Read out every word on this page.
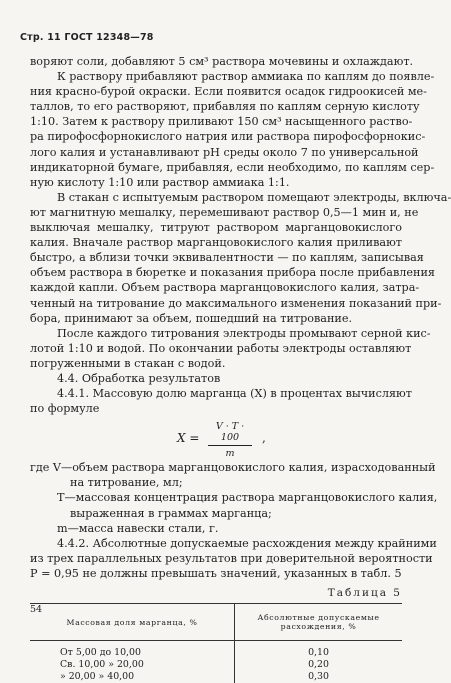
Стр. 11 ГОСТ 12348—78
воряют соли, добавляют 5 см³ раствора мочевины и охлаждают.
К раствору прибавляют раствор аммиака по каплям до появле-
ния красно-бурой окраски. Если появится осадок гидроокисей ме-
таллов, то его растворяют, прибавляя по каплям серную кислоту
1:10. Затем к раствору приливают 150 см³ насыщенного раство-
ра пирофосфорнокислого натрия или раствора пирофосфорнокис-
лого калия и устанавливают pH среды около 7 по универсальной
индикаторной бумаге, прибавляя, если необходимо, по каплям сер-
ную кислоту 1:10 или раствор аммиака 1:1.
В стакан с испытуемым раствором помещают электроды, включа-
ют магнитную мешалку, перемешивают раствор 0,5—1 мин и, не
выключая мешалку, титруют раствором марганцовокислого
калия. Вначале раствор марганцовокислого калия приливают
быстро, а вблизи точки эквивалентности — по каплям, записывая
объем раствора в бюретке и показания прибора после прибавления
каждой капли. Объем раствора марганцовокислого калия, затра-
ченный на титрование до максимального изменения показаний при-
бора, принимают за объем, пошедший на титрование.
После каждого титрования электроды промывают серной кис-
лотой 1:10 и водой. По окончании работы электроды оставляют
погруженными в стакан с водой.
4.4. Обработка результатов
4.4.1. Массовую долю марганца (X) в процентах вычисляют
по формуле
X =
V · T · 100
m
,
где V—объем раствора марганцовокислого калия, израсходованный
на титрование, мл;
T—массовая концентрация раствора марганцовокислого калия,
выраженная в граммах марганца;
m—масса навески стали, г.
4.4.2. Абсолютные допускаемые расхождения между крайними
из трех параллельных результатов при доверительной вероятности
P = 0,95 не должны превышать значений, указанных в табл. 5
Таблица 5
Массовая доля марганца, %	Абсолютные допускаемые расхождения, %
От 5,00 до 10,00	0,10
Св. 10,00 » 20,00	0,20
» 20,00 » 40,00	0,30
54
